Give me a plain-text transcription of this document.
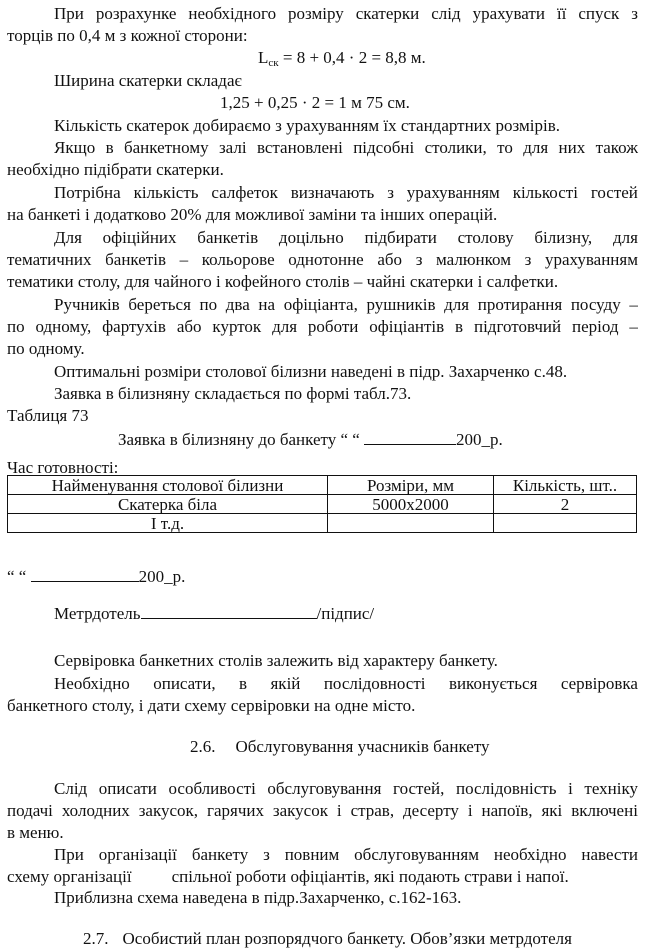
При розрахунке необхідного розміру скатерки слід урахувати її спуск з
торців по 0,4 м з кожної сторони:
$L_{ск} = 8 + 0,4 \cdot 2 = 8,8$ м.
Ширина скатерки складає
1,25 + 0,25 · 2 = 1 м 75 см.
Кількість скатерок добираємо з урахуванням їх стандартних розмірів.
Якщо в банкетному залі встановлені підсобні столики, то для них також
необхідно підібрати скатерки.
Потрібна кількість салфеток визначають з урахуванням кількості гостей
на банкеті і додатково 20% для можливої заміни та інших операцій.
Для офіційних банкетів доцільно підбирати столову білизну, для
тематичних банкетів – кольорове однотонне або з малюнком з урахуванням
тематики столу, для чайного і кофейного столів – чайні скатерки і салфетки.
Ручників береться по два на офіціанта, рушників для протирання посуду –
по одному, фартухів або курток для роботи офіціантів в підготовчий період –
по одному.
Оптимальні розміри столової білизни наведені в підр. Захарченко с.48.
Заявка в білизняну складається по формі табл.73.
Таблиця 73
Заявка в білизняну до банкету “ “	200_р.
Час готовності:
Найменування столової білизни	Розміри, мм	Кількість, шт..
Скатерка біла	5000x2000	2
І т.д.		
“ “	200_р.
Метрдотель	/підпис/
Сервіровка банкетних столів залежить від характеру банкету.
Необхідно описати, в якій послідовності виконується сервіровка
банкетного столу, і дати схему сервіровки на одне місто.
2.6. Обслуговування учасників банкету
Слід описати особливості обслуговування гостей, послідовність і техніку
подачі холодних закусок, гарячих закусок і страв, десерту і напоїв, які включені
в меню.
При організації банкету з повним обслуговуванням необхідно навести
схему організації спільної роботи офіціантів, які подають страви і напої.
Приблизна схема наведена в підр.Захарченко, с.162-163.
2.7. Особистий план розпорядчого банкету. Обов’язки метрдотеля
